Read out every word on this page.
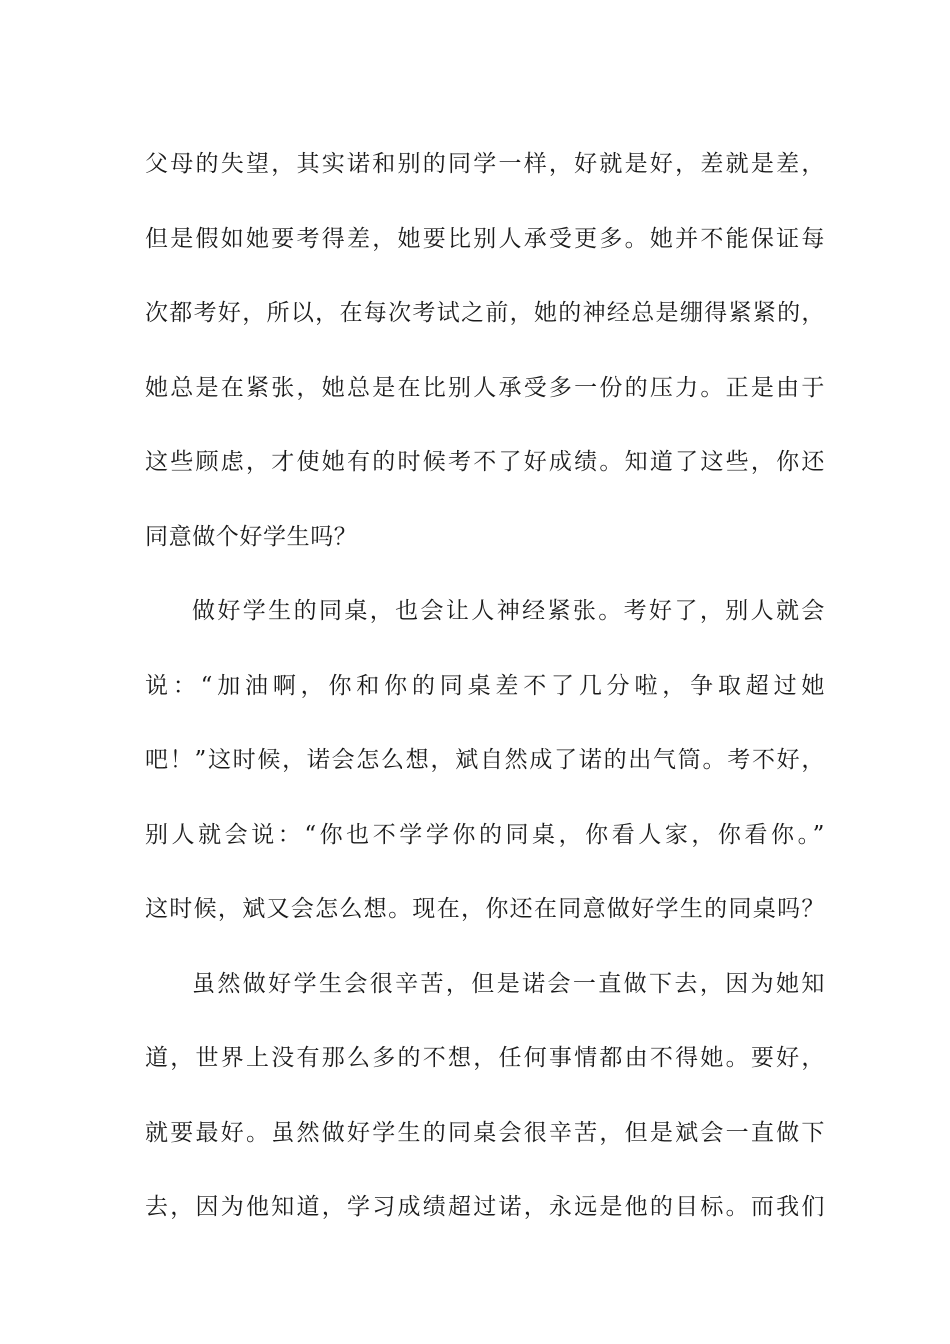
父母的失望，其实诺和别的同学一样，好就是好，差就是差，
但是假如她要考得差，她要比别人承受更多。她并不能保证每
次都考好，所以，在每次考试之前，她的神经总是绷得紧紧的，
她总是在紧张，她总是在比别人承受多一份的压力。正是由于
这些顾虑，才使她有的时候考不了好成绩。知道了这些，你还
同意做个好学生吗？
做好学生的同桌，也会让人神经紧张。考好了，别人就会
说：“加油啊，你和你的同桌差不了几分啦，争取超过她
吧！”这时候，诺会怎么想，斌自然成了诺的出气筒。考不好，
别人就会说：“你也不学学你的同桌，你看人家，你看你。”
这时候，斌又会怎么想。现在，你还在同意做好学生的同桌吗？
虽然做好学生会很辛苦，但是诺会一直做下去，因为她知
道，世界上没有那么多的不想，任何事情都由不得她。要好，
就要最好。虽然做好学生的同桌会很辛苦，但是斌会一直做下
去，因为他知道，学习成绩超过诺，永远是他的目标。而我们
